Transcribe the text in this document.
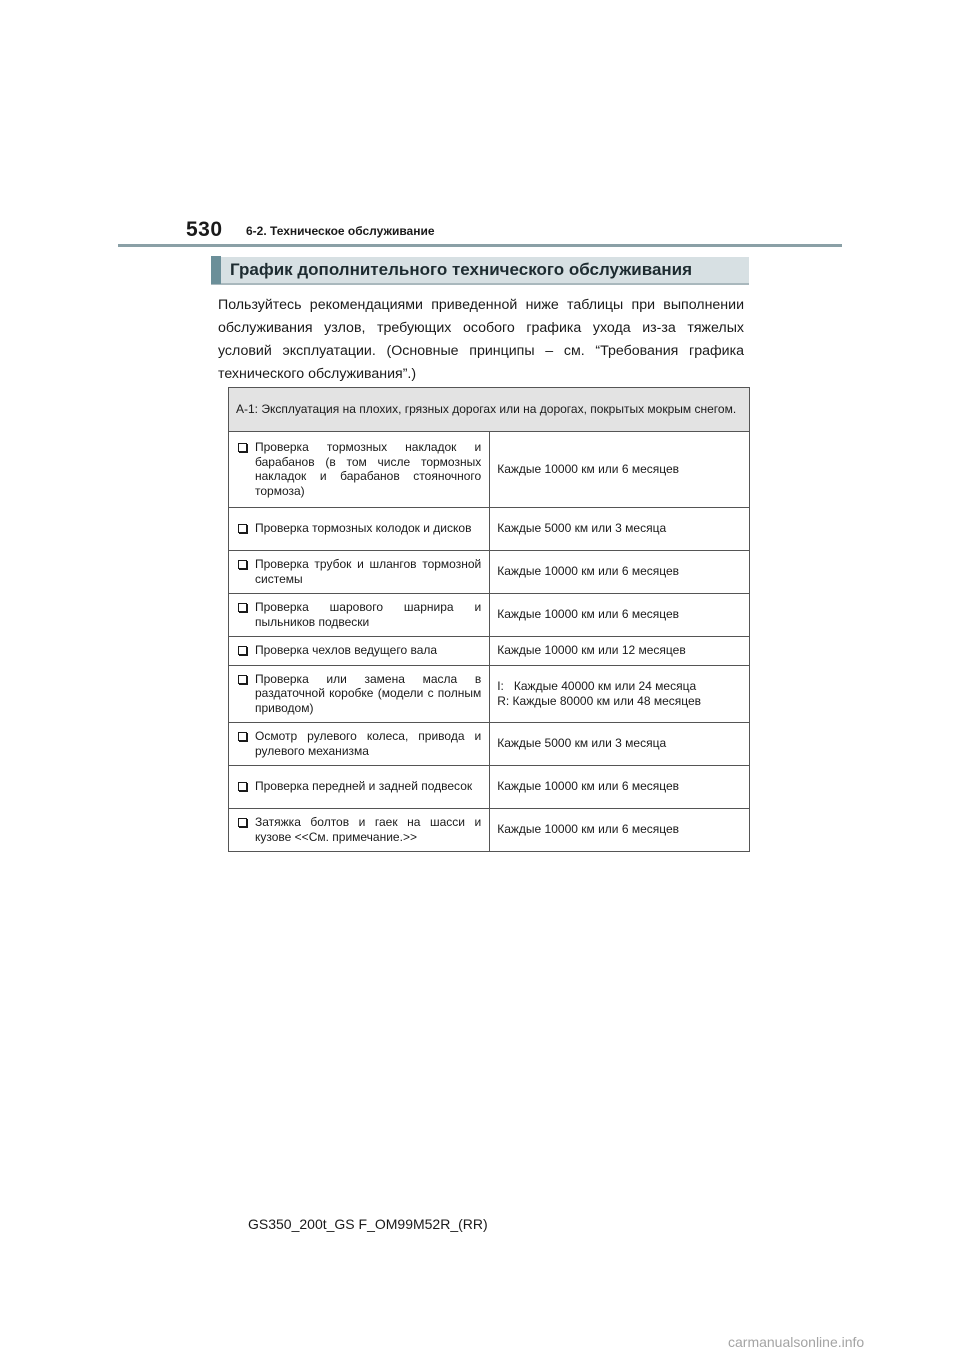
530 6-2. Техническое обслуживание
График дополнительного технического обслуживания

Пользуйтесь рекомендациями приведенной ниже таблицы при выполнении обслуживания узлов, требующих особого графика ухода из-за тяжелых условий эксплуатации. (Основные принципы – см. “Требования графика технического обслуживания”.)

А-1: Эксплуатация на плохих, грязных дорогах или на дорогах, покрытых мокрым снегом.	

Проверка тормозных накладок и барабанов (в том числе тормозных накладок и барабанов стояночного тормоза)	Каждые 10000 км или 6 месяцев

Проверка тормозных колодок и дисков	Каждые 5000 км или 3 месяца

Проверка трубок и шлангов тормозной системы	Каждые 10000 км или 6 месяцев

Проверка шарового шарнира и пыльников подвески	Каждые 10000 км или 6 месяцев

Проверка чехлов ведущего вала	Каждые 10000 км или 12 месяцев

Проверка или замена масла в раздаточной коробке (модели с полным приводом)	I:   Каждые 40000 км или 24 месяца
R: Каждые 80000 км или 48 месяцев

Осмотр рулевого колеса, привода и рулевого механизма	Каждые 5000 км или 3 месяца

Проверка передней и задней подвесок	Каждые 10000 км или 6 месяцев

Затяжка болтов и гаек на шасси и кузове <<См. примечание.>>	Каждые 10000 км или 6 месяцев
GS350_200t_GS F_OM99M52R_(RR)
carmanualsonline.info
